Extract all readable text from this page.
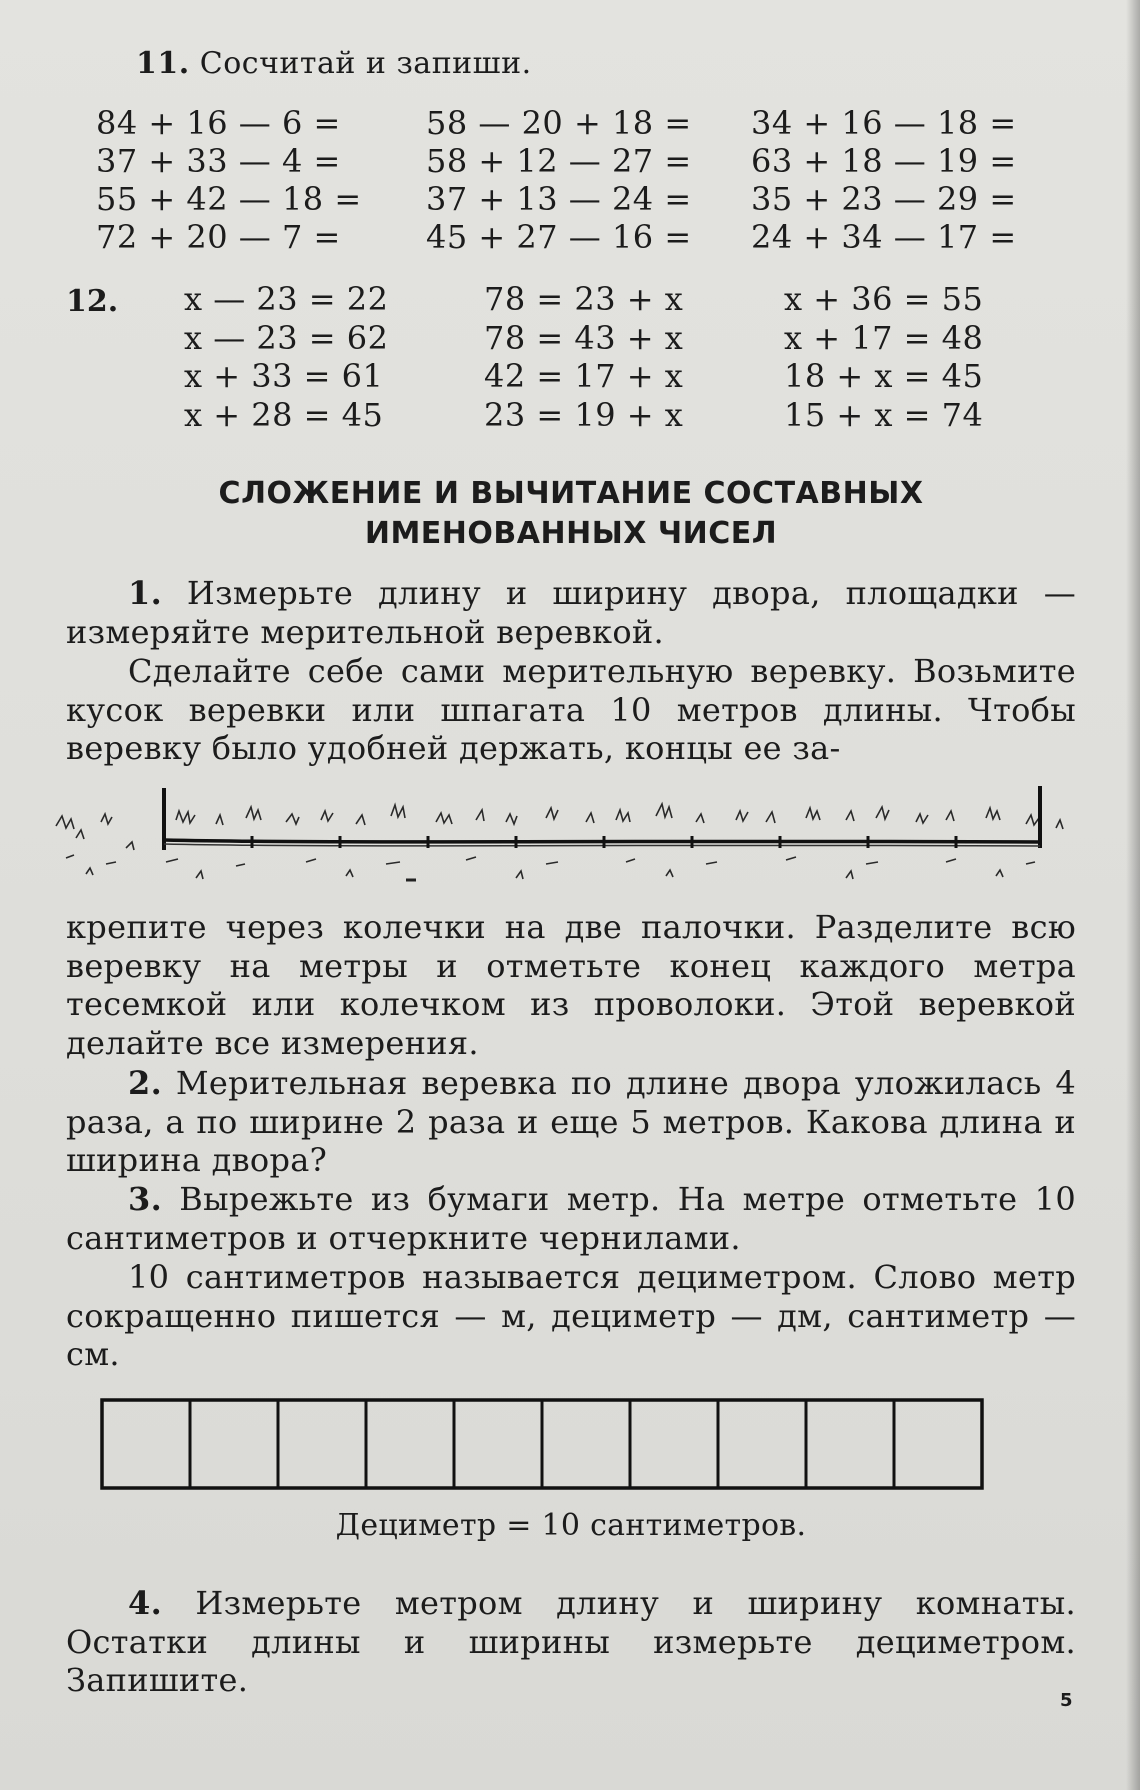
11. Сосчитай и запиши.
84 + 16 — 6 =	58 — 20 + 18 =	34 + 16 — 18 =
37 + 33 — 4 =	58 + 12 — 27 =	63 + 18 — 19 =
55 + 42 — 18 =	37 + 13 — 24 =	35 + 23 — 29 =
72 + 20 — 7 =	45 + 27 — 16 =	24 + 34 — 17 =
12. x — 23 = 22	78 = 23 + x	x + 36 = 55
x — 23 = 62	78 = 43 + x	x + 17 = 48
x + 33 = 61	42 = 17 + x	18 + x = 45
x + 28 = 45	23 = 19 + x	15 + x = 74
СЛОЖЕНИЕ И ВЫЧИТАНИЕ СОСТАВНЫХ
ИМЕНОВАННЫХ ЧИСЕЛ
1. Измерьте длину и ширину двора, площадки — измеряйте мерительной веревкой.
Сделайте себе сами мерительную веревку. Возьмите кусок веревки или шпагата 10 метров длины. Чтобы веревку было удобней держать, концы ее за-
крепите через колечки на две палочки. Разделите всю веревку на метры и отметьте конец каждого метра тесемкой или колечком из проволоки. Этой веревкой делайте все измерения.
2. Мерительная веревка по длине двора уложилась 4 раза, а по ширине 2 раза и еще 5 метров. Какова длина и ширина двора?
3. Вырежьте из бумаги метр. На метре отметьте 10 сантиметров и отчеркните чернилами.
10 сантиметров называется дециметром. Слово метр сокращенно пишется — м, дециметр — дм, сантиметр — см.
Дециметр = 10 сантиметров.
4. Измерьте метром длину и ширину комнаты. Остатки длины и ширины измерьте дециметром. Запишите.
5
